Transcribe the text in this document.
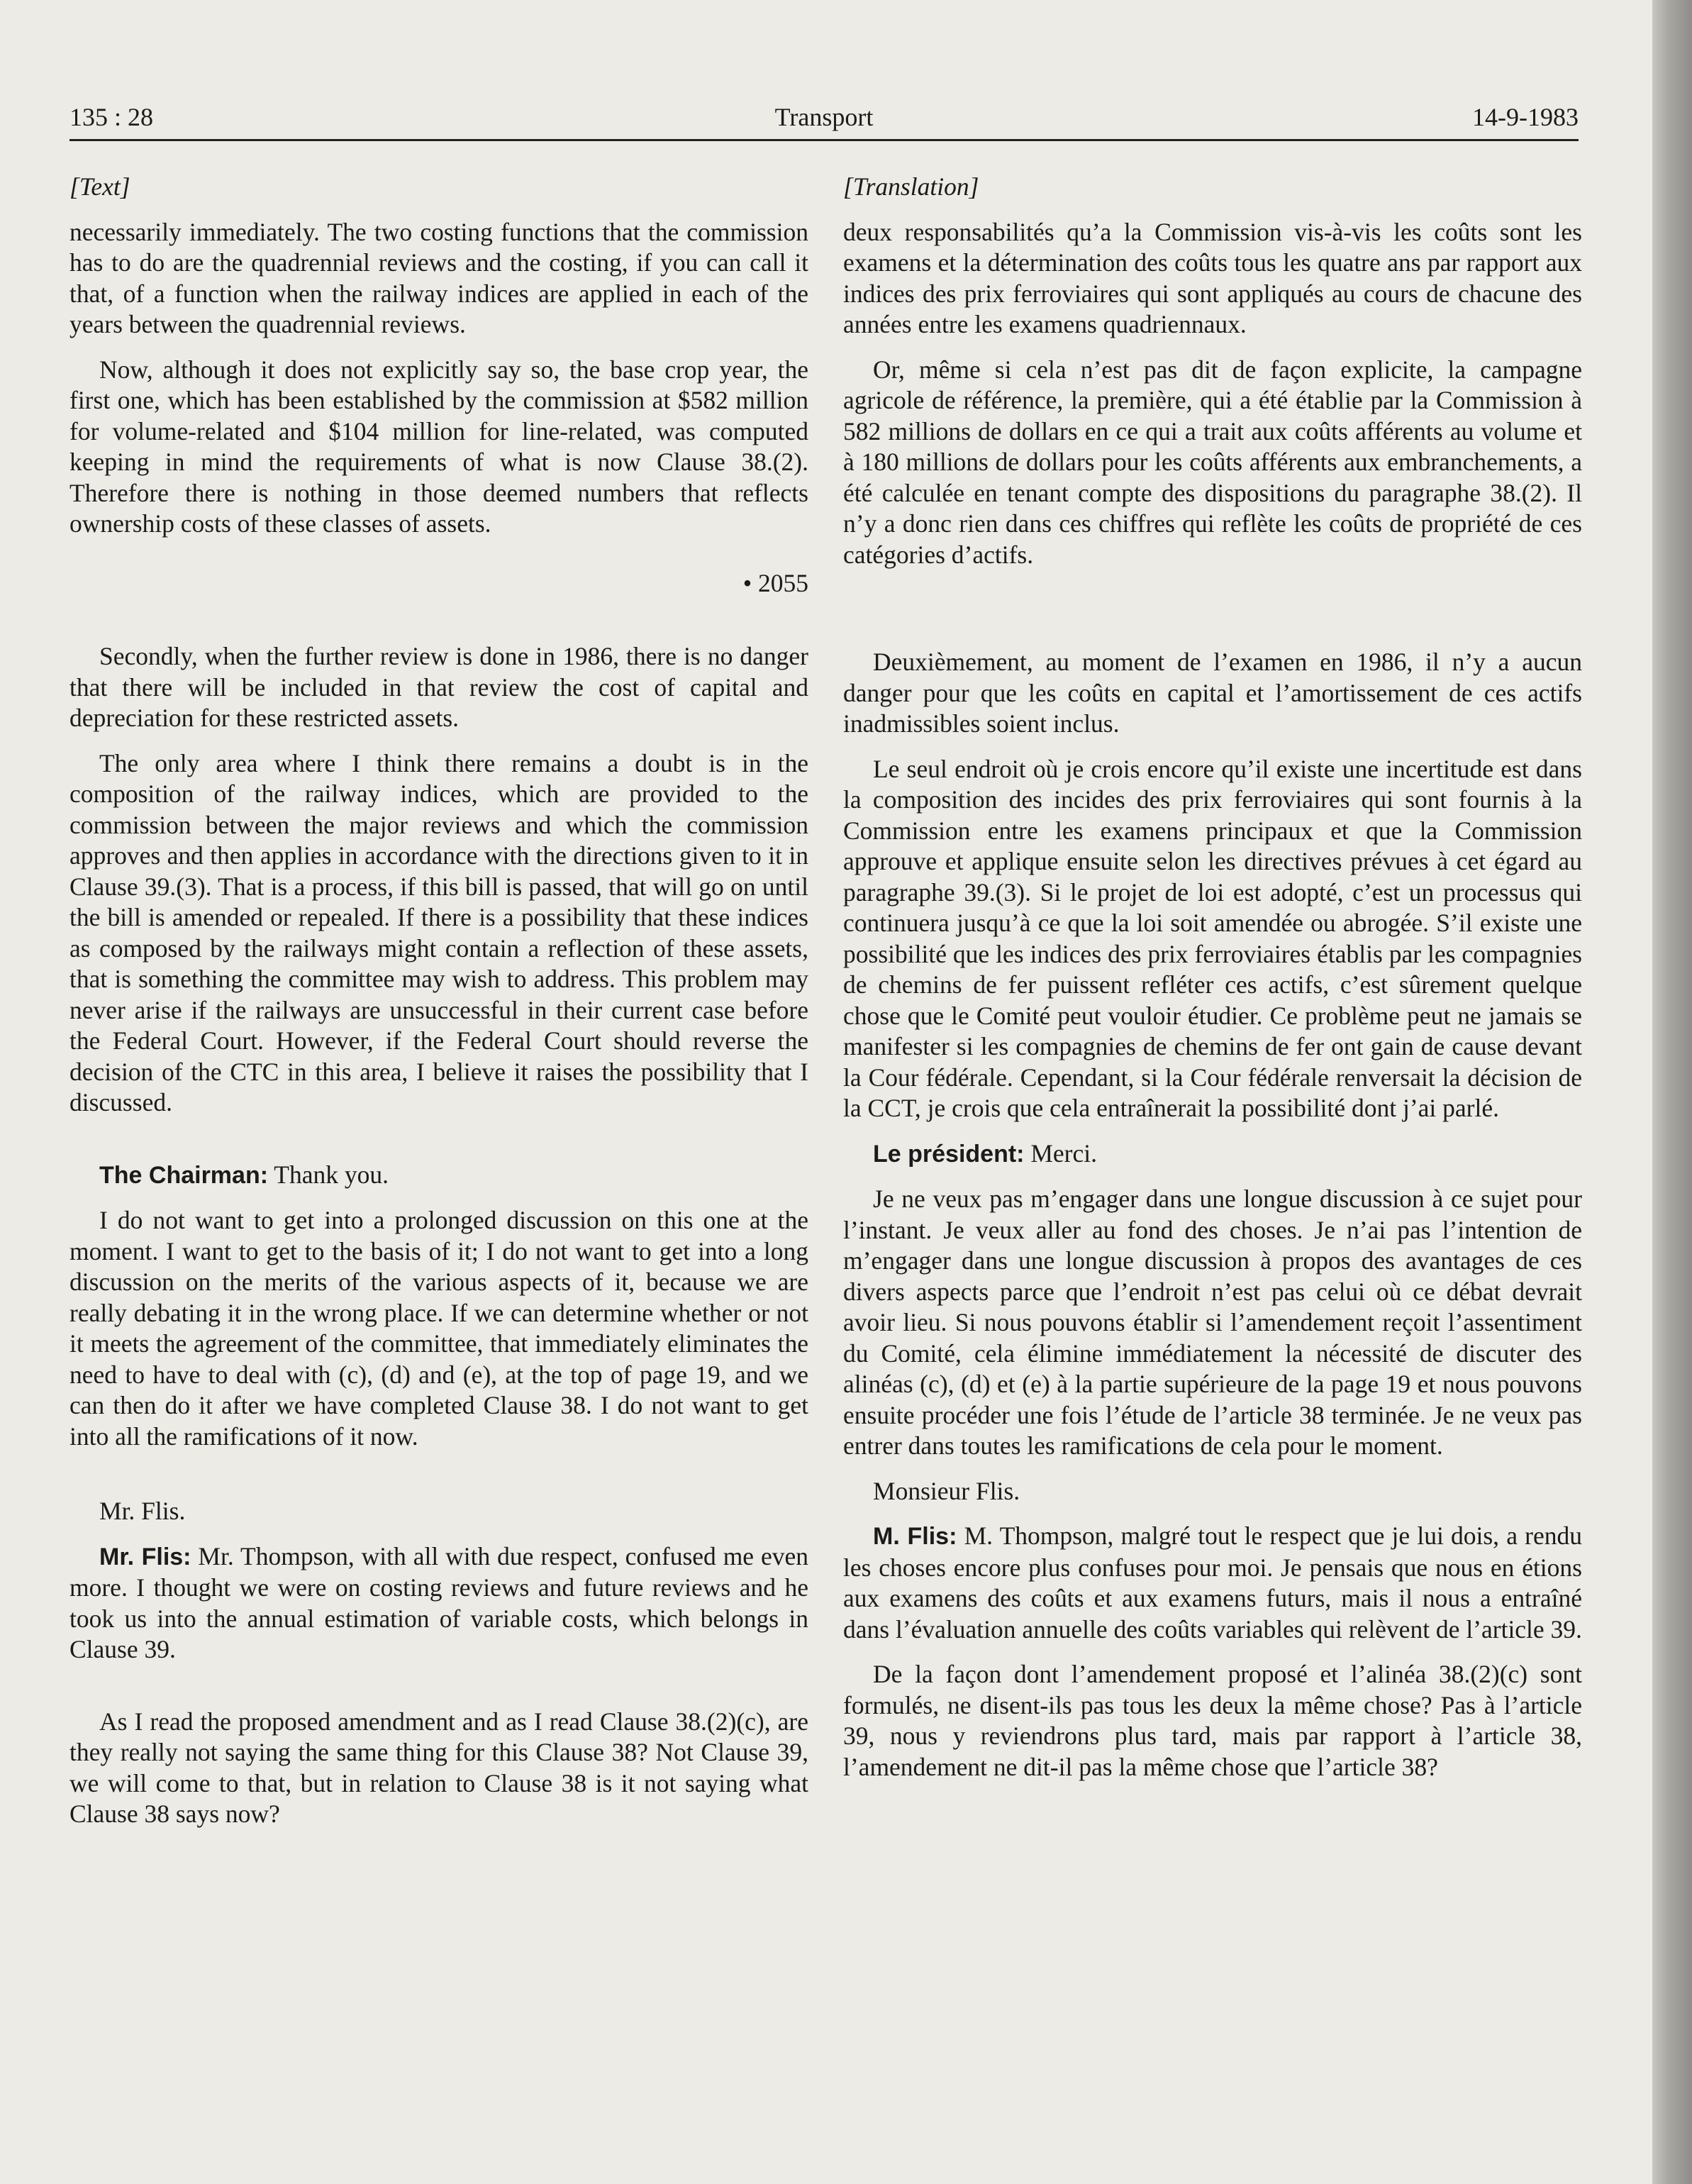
135 : 28	Transport	14-9-1983

[Text]

necessarily immediately. The two costing functions that the commission has to do are the quadrennial reviews and the costing, if you can call it that, of a function when the railway indices are applied in each of the years between the quadrennial reviews.

Now, although it does not explicitly say so, the base crop year, the first one, which has been established by the commission at $582 million for volume-related and $104 million for line-related, was computed keeping in mind the requirements of what is now Clause 38.(2). Therefore there is nothing in those deemed numbers that reflects ownership costs of these classes of assets.

• 2055

Secondly, when the further review is done in 1986, there is no danger that there will be included in that review the cost of capital and depreciation for these restricted assets.

The only area where I think there remains a doubt is in the composition of the railway indices, which are provided to the commission between the major reviews and which the commission approves and then applies in accordance with the directions given to it in Clause 39.(3). That is a process, if this bill is passed, that will go on until the bill is amended or repealed. If there is a possibility that these indices as composed by the railways might contain a reflection of these assets, that is something the committee may wish to address. This problem may never arise if the railways are unsuccessful in their current case before the Federal Court. However, if the Federal Court should reverse the decision of the CTC in this area, I believe it raises the possibility that I discussed.

The Chairman: Thank you.

I do not want to get into a prolonged discussion on this one at the moment. I want to get to the basis of it; I do not want to get into a long discussion on the merits of the various aspects of it, because we are really debating it in the wrong place. If we can determine whether or not it meets the agreement of the committee, that immediately eliminates the need to have to deal with (c), (d) and (e), at the top of page 19, and we can then do it after we have completed Clause 38. I do not want to get into all the ramifications of it now.

Mr. Flis.

Mr. Flis: Mr. Thompson, with all with due respect, confused me even more. I thought we were on costing reviews and future reviews and he took us into the annual estimation of variable costs, which belongs in Clause 39.

As I read the proposed amendment and as I read Clause 38.(2)(c), are they really not saying the same thing for this Clause 38? Not Clause 39, we will come to that, but in relation to Clause 38 is it not saying what Clause 38 says now?

[Translation]

deux responsabilités qu’a la Commission vis-à-vis les coûts sont les examens et la détermination des coûts tous les quatre ans par rapport aux indices des prix ferroviaires qui sont appliqués au cours de chacune des années entre les examens quadriennaux.

Or, même si cela n’est pas dit de façon explicite, la campagne agricole de référence, la première, qui a été établie par la Commission à 582 millions de dollars en ce qui a trait aux coûts afférents au volume et à 180 millions de dollars pour les coûts afférents aux embranchements, a été calculée en tenant compte des dispositions du paragraphe 38.(2). Il n’y a donc rien dans ces chiffres qui reflète les coûts de propriété de ces catégories d’actifs.

Deuxièmement, au moment de l’examen en 1986, il n’y a aucun danger pour que les coûts en capital et l’amortissement de ces actifs inadmissibles soient inclus.

Le seul endroit où je crois encore qu’il existe une incertitude est dans la composition des incides des prix ferroviaires qui sont fournis à la Commission entre les examens principaux et que la Commission approuve et applique ensuite selon les directives prévues à cet égard au paragraphe 39.(3). Si le projet de loi est adopté, c’est un processus qui continuera jusqu’à ce que la loi soit amendée ou abrogée. S’il existe une possibilité que les indices des prix ferroviaires établis par les compagnies de chemins de fer puissent refléter ces actifs, c’est sûrement quelque chose que le Comité peut vouloir étudier. Ce problème peut ne jamais se manifester si les compagnies de chemins de fer ont gain de cause devant la Cour fédérale. Cependant, si la Cour fédérale renversait la décision de la CCT, je crois que cela entraînerait la possibilité dont j’ai parlé.

Le président: Merci.

Je ne veux pas m’engager dans une longue discussion à ce sujet pour l’instant. Je veux aller au fond des choses. Je n’ai pas l’intention de m’engager dans une longue discussion à propos des avantages de ces divers aspects parce que l’endroit n’est pas celui où ce débat devrait avoir lieu. Si nous pouvons établir si l’amendement reçoit l’assentiment du Comité, cela élimine immédiatement la nécessité de discuter des alinéas (c), (d) et (e) à la partie supérieure de la page 19 et nous pouvons ensuite procéder une fois l’étude de l’article 38 terminée. Je ne veux pas entrer dans toutes les ramifications de cela pour le moment.

Monsieur Flis.

M. Flis: M. Thompson, malgré tout le respect que je lui dois, a rendu les choses encore plus confuses pour moi. Je pensais que nous en étions aux examens des coûts et aux examens futurs, mais il nous a entraîné dans l’évaluation annuelle des coûts variables qui relèvent de l’article 39.

De la façon dont l’amendement proposé et l’alinéa 38.(2)(c) sont formulés, ne disent-ils pas tous les deux la même chose? Pas à l’article 39, nous y reviendrons plus tard, mais par rapport à l’article 38, l’amendement ne dit-il pas la même chose que l’article 38?
